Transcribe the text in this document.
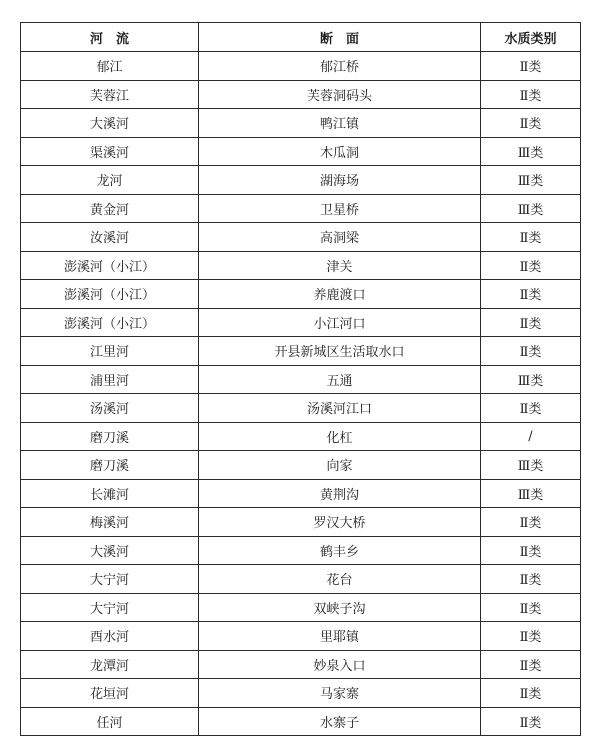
河　流	断　面	水质类别
郁江	郁江桥	Ⅱ类
芙蓉江	芙蓉洞码头	Ⅱ类
大溪河	鸭江镇	Ⅱ类
渠溪河	木瓜洞	Ⅲ类
龙河	湖海场	Ⅲ类
黄金河	卫星桥	Ⅲ类
汝溪河	高洞梁	Ⅱ类
澎溪河（小江）	津关	Ⅱ类
澎溪河（小江）	养鹿渡口	Ⅱ类
澎溪河（小江）	小江河口	Ⅱ类
江里河	开县新城区生活取水口	Ⅱ类
浦里河	五通	Ⅲ类
汤溪河	汤溪河江口	Ⅱ类
磨刀溪	化杠	/
磨刀溪	向家	Ⅲ类
长滩河	黄荆沟	Ⅲ类
梅溪河	罗汉大桥	Ⅱ类
大溪河	鹤丰乡	Ⅱ类
大宁河	花台	Ⅱ类
大宁河	双峡子沟	Ⅱ类
酉水河	里耶镇	Ⅱ类
龙潭河	妙泉入口	Ⅱ类
花垣河	马家寨	Ⅱ类
任河	水寨子	Ⅱ类
